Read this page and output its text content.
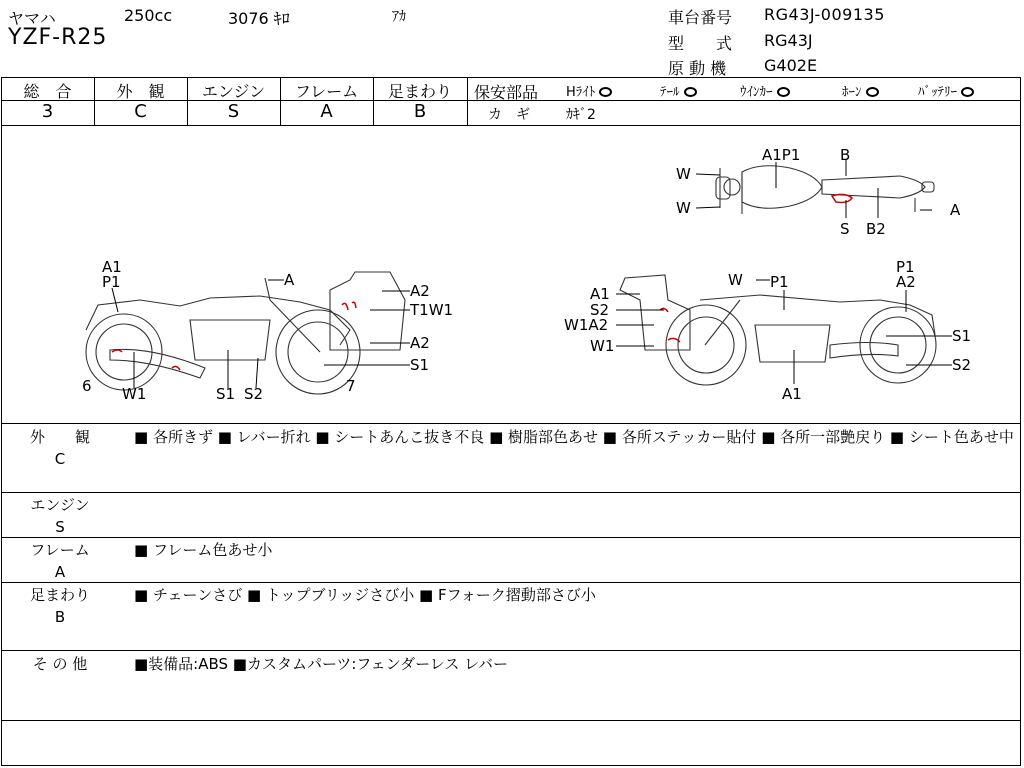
ヤマハ	250cc	3076 ｷﾛ	ｱｶ
YZF-R25
車台番号 RG43J-009135
型　　式 RG43J
原 動 機 G402E
総　合	外　観	エンジン	フレーム	足まわり
3	C	S	A	B
保安部品 Hﾗｲﾄ	ﾃｰﾙ	ｳｲﾝｶｰ	ﾎｰﾝ	ﾊﾞｯﾃﾘｰ
カ　ギ	ｶｷﾞ2
A1P1	B
W
W	A
S B2
A1
P1	A
A2
T1W1
A2
S1
6 W1	S1 S2	7
W P1
P1
A2
A1
S2
W1A2
W1
S1
S2
A1
外　　観
C
■ 各所きず ■ レバー折れ ■ シートあんこ抜き不良 ■ 樹脂部色あせ ■ 各所ステッカー貼付 ■ 各所一部艶戻り ■ シート色あせ中
エンジン
S
フレーム
A
■ フレーム色あせ小
足まわり
B
■ チェーンさび ■ トップブリッジさび小 ■ Fフォーク摺動部さび小
そ の 他	■装備品:ABS ■カスタムパーツ:フェンダーレス レバー
